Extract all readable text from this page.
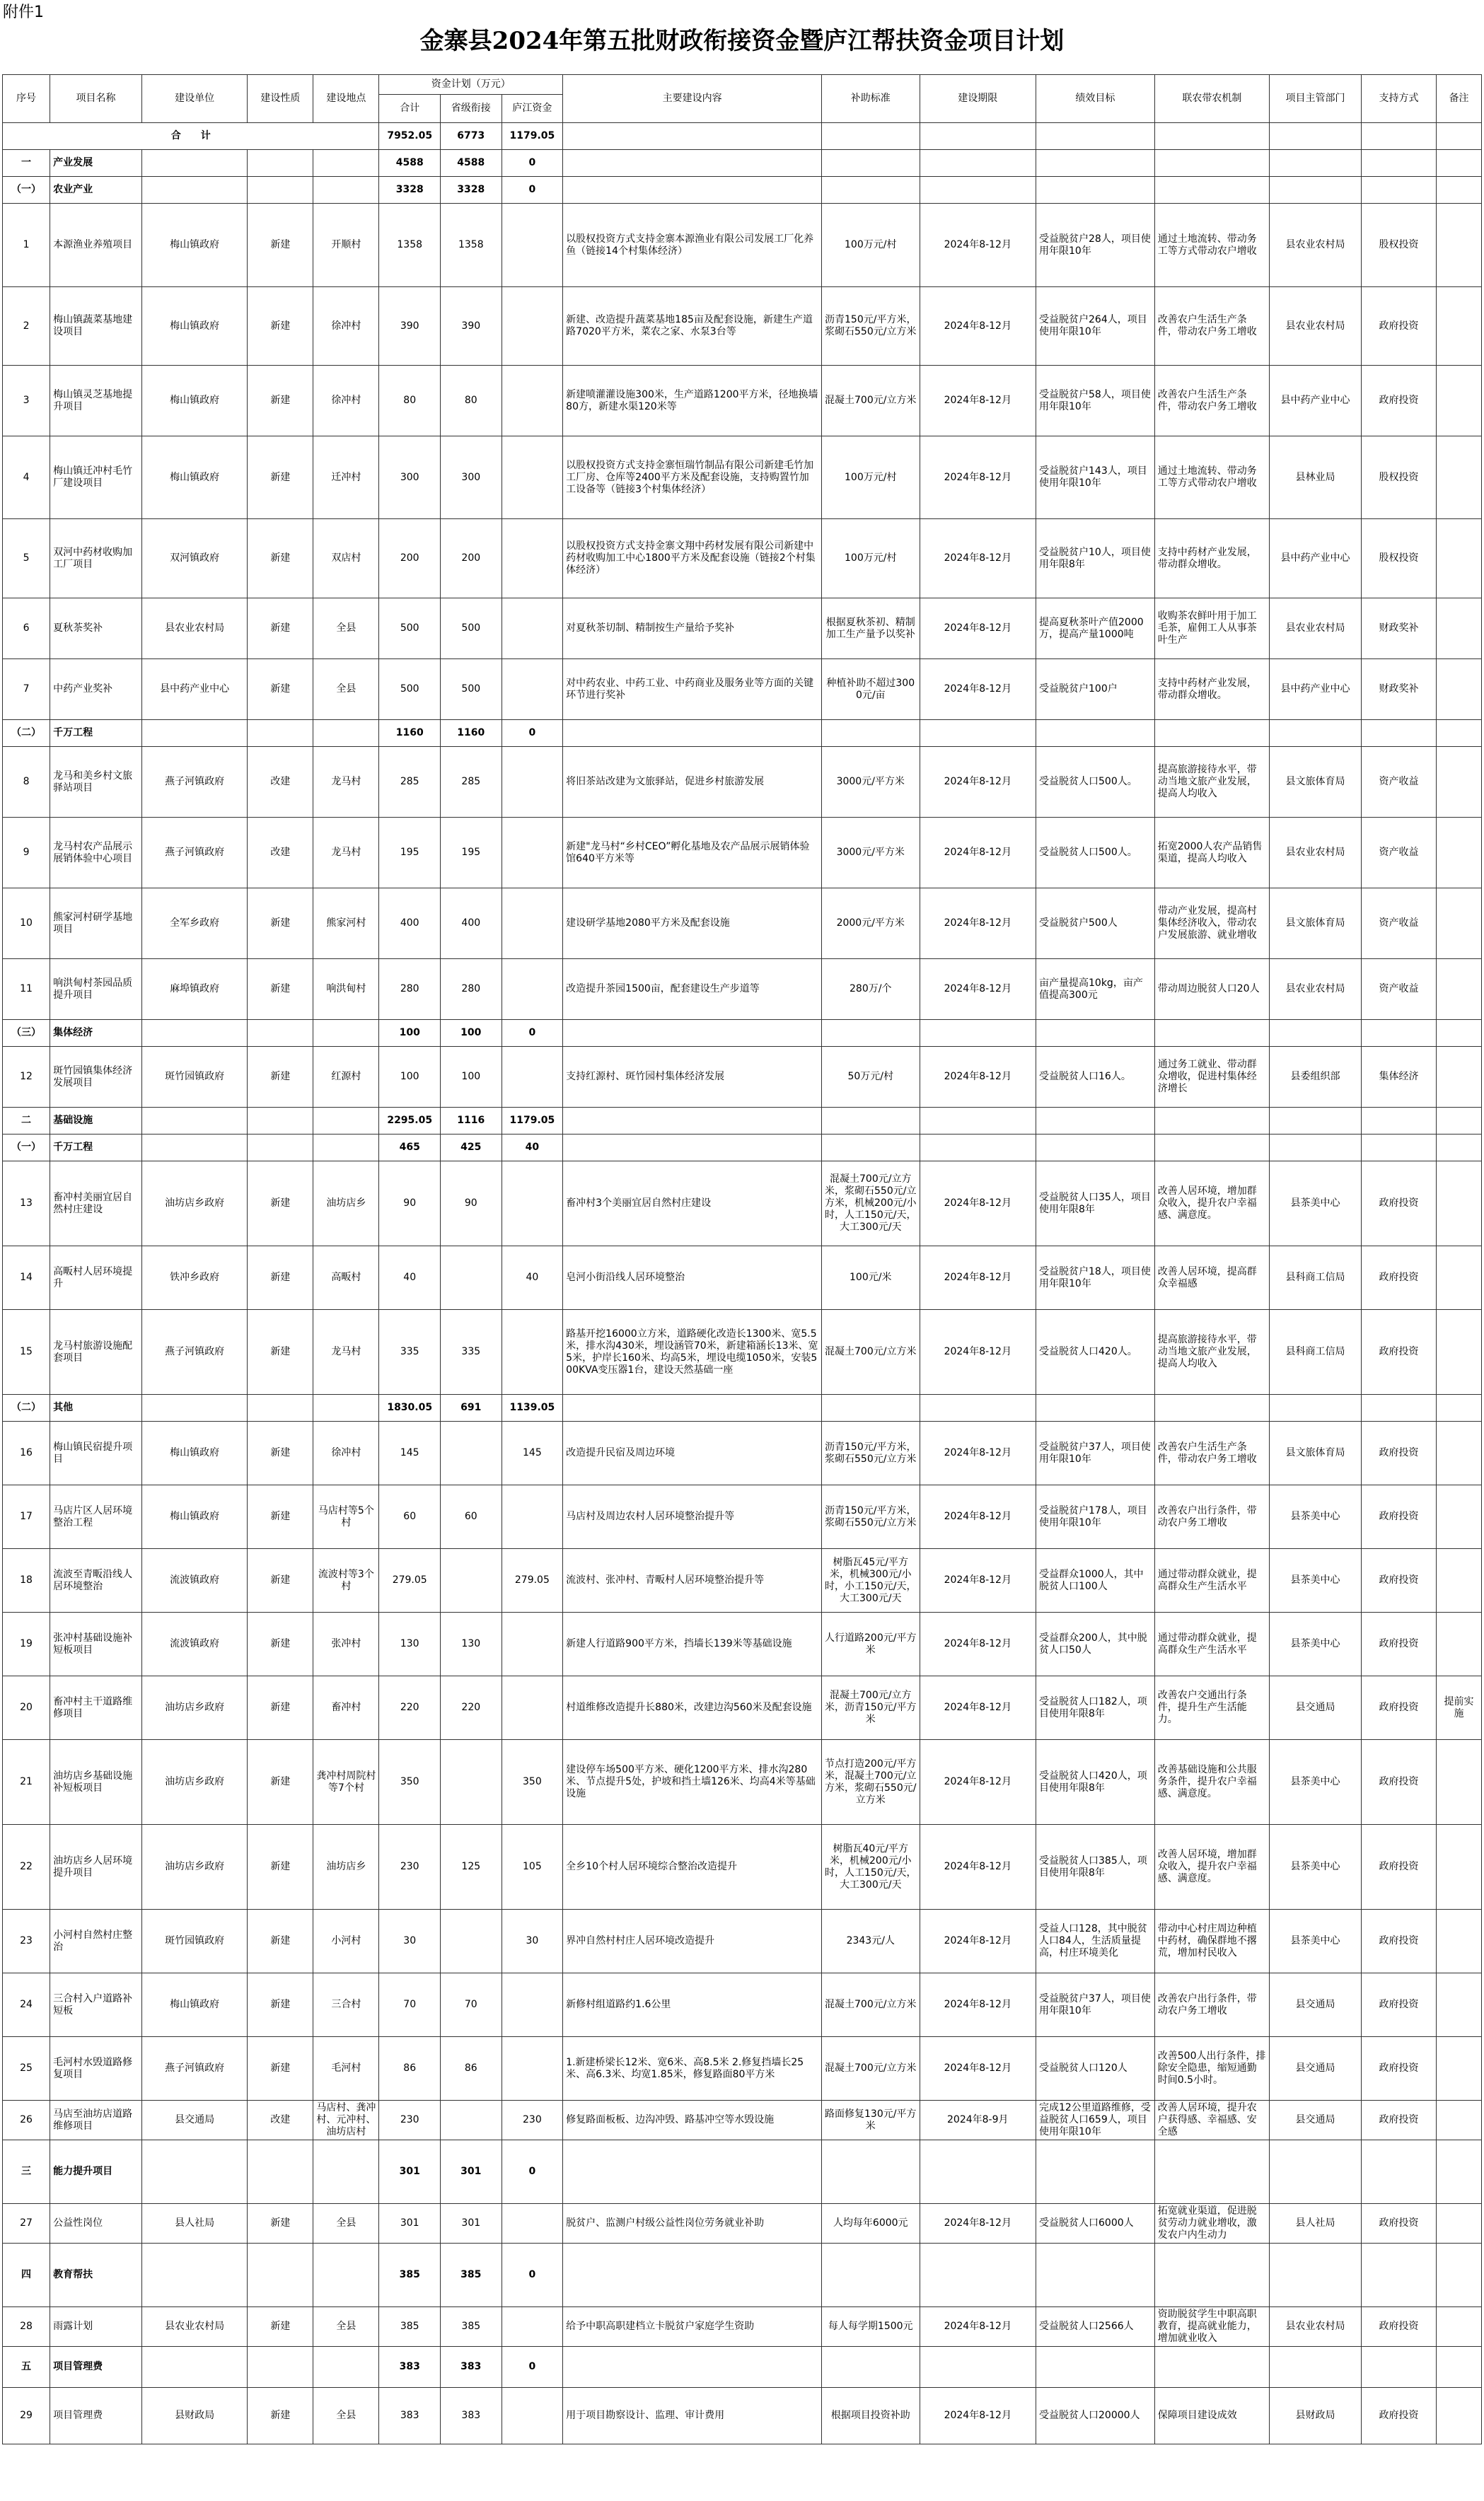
附件1
金寨县2024年第五批财政衔接资金暨庐江帮扶资金项目计划
序号	项目名称	建设单位	建设性质	建设地点	资金计划（万元）			主要建设内容	补助标准	建设期限	绩效目标	联农带农机制	项目主管部门	支持方式	备注
					合计	省级衔接	庐江资金								
合　　计					7952.05	6773	1179.05								
一	产业发展				4588	4588	0								
（一）	农业产业				3328	3328	0								
1	本源渔业养殖项目	梅山镇政府	新建	开顺村	1358	1358		以股权投资方式支持金寨本源渔业有限公司发展工厂化养鱼（链接14个村集体经济）	100万元/村	2024年8-12月	受益脱贫户28人，项目使用年限10年	通过土地流转、带动务工等方式带动农户增收	县农业农村局	股权投资	
2	梅山镇蔬菜基地建设项目	梅山镇政府	新建	徐冲村	390	390		新建、改造提升蔬菜基地185亩及配套设施，新建生产道路7020平方米，菜农之家、水泵3台等	沥青150元/平方米，浆砌石550元/立方米	2024年8-12月	受益脱贫户264人，项目使用年限10年	改善农户生活生产条件，带动农户务工增收	县农业农村局	政府投资	
3	梅山镇灵芝基地提升项目	梅山镇政府	新建	徐冲村	80	80		新建喷灌灌设施300米，生产道路1200平方米，径地换墙80方，新建水渠120米等	混凝土700元/立方米	2024年8-12月	受益脱贫户58人，项目使用年限10年	改善农户生活生产条件，带动农户务工增收	县中药产业中心	政府投资	
4	梅山镇迁冲村毛竹厂建设项目	梅山镇政府	新建	迁冲村	300	300		以股权投资方式支持金寨恒瑞竹制品有限公司新建毛竹加工厂房、仓库等2400平方米及配套设施，支持购置竹加工设备等（链接3个村集体经济）	100万元/村	2024年8-12月	受益脱贫户143人，项目使用年限10年	通过土地流转、带动务工等方式带动农户增收	县林业局	股权投资	
5	双河中药材收购加工厂项目	双河镇政府	新建	双店村	200	200		以股权投资方式支持金寨文翔中药材发展有限公司新建中药材收购加工中心1800平方米及配套设施（链接2个村集体经济）	100万元/村	2024年8-12月	受益脱贫户10人，项目使用年限8年	支持中药材产业发展，带动群众增收。	县中药产业中心	股权投资	
6	夏秋茶奖补	县农业农村局	新建	全县	500	500		对夏秋茶切制、精制按生产量给予奖补	根据夏秋茶初、精制加工生产量予以奖补	2024年8-12月	提高夏秋茶叶产值2000万，提高产量1000吨	收购茶农鲜叶用于加工毛茶，雇佣工人从事茶叶生产	县农业农村局	财政奖补	
7	中药产业奖补	县中药产业中心	新建	全县	500	500		对中药农业、中药工业、中药商业及服务业等方面的关键环节进行奖补	种植补助不超过3000元/亩	2024年8-12月	受益脱贫户100户	支持中药材产业发展，带动群众增收。	县中药产业中心	财政奖补	
（二）	千万工程				1160	1160	0								
8	龙马和美乡村文旅驿站项目	燕子河镇政府	改建	龙马村	285	285		将旧茶站改建为文旅驿站，促进乡村旅游发展	3000元/平方米	2024年8-12月	受益脱贫人口500人。	提高旅游接待水平，带动当地文旅产业发展，提高人均收入	县文旅体育局	资产收益	
9	龙马村农产品展示展销体验中心项目	燕子河镇政府	改建	龙马村	195	195		新建"龙马村“乡村CEO”孵化基地及农产品展示展销体验馆640平方米等	3000元/平方米	2024年8-12月	受益脱贫人口500人。	拓宽2000人农产品销售渠道，提高人均收入	县农业农村局	资产收益	
10	熊家河村研学基地项目	全军乡政府	新建	熊家河村	400	400		建设研学基地2080平方米及配套设施	2000元/平方米	2024年8-12月	受益脱贫户500人	带动产业发展，提高村集体经济收入，带动农户发展旅游、就业增收	县文旅体育局	资产收益	
11	响洪甸村茶园品质提升项目	麻埠镇政府	新建	响洪甸村	280	280		改造提升茶园1500亩，配套建设生产步道等	280万/个	2024年8-12月	亩产量提高10kg，亩产值提高300元	带动周边脱贫人口20人	县农业农村局	资产收益	
（三）	集体经济				100	100	0								
12	斑竹园镇集体经济发展项目	斑竹园镇政府	新建	红源村	100	100		支持红源村、斑竹园村集体经济发展	50万元/村	2024年8-12月	受益脱贫人口16人。	通过务工就业、带动群众增收，促进村集体经济增长	县委组织部	集体经济	
二	基础设施				2295.05	1116	1179.05								
（一）	千万工程				465	425	40								
13	畜冲村美丽宜居自然村庄建设	油坊店乡政府	新建	油坊店乡	90	90		畜冲村3个美丽宜居自然村庄建设	混凝土700元/立方米，浆砌石550元/立方米，机械200元/小时，人工150元/天，大工300元/天	2024年8-12月	受益脱贫人口35人，项目使用年限8年	改善人居环境，增加群众收入，提升农户幸福感、满意度。	县茶美中心	政府投资	
14	高畈村人居环境提升	铁冲乡政府	新建	高畈村	40		40	皂河小街沿线人居环境整治	100元/米	2024年8-12月	受益脱贫户18人，项目使用年限10年	改善人居环境，提高群众幸福感	县科商工信局	政府投资	
15	龙马村旅游设施配套项目	燕子河镇政府	新建	龙马村	335	335		路基开挖16000立方米，道路硬化改造长1300米、宽5.5米，排水沟430米，埋设涵管70米，新建箱涵长13米、宽5米，护岸长160米、均高5米，埋设电缆1050米，安装500KVA变压器1台，建设天然基础一座	混凝土700元/立方米	2024年8-12月	受益脱贫人口420人。	提高旅游接待水平，带动当地文旅产业发展，提高人均收入	县科商工信局	政府投资	
（二）	其他				1830.05	691	1139.05								
16	梅山镇民宿提升项目	梅山镇政府	新建	徐冲村	145		145	改造提升民宿及周边环境	沥青150元/平方米，浆砌石550元/立方米	2024年8-12月	受益脱贫户37人，项目使用年限10年	改善农户生活生产条件，带动农户务工增收	县文旅体育局	政府投资	
17	马店片区人居环境整治工程	梅山镇政府	新建	马店村等5个村	60	60		马店村及周边农村人居环境整治提升等	沥青150元/平方米，浆砌石550元/立方米	2024年8-12月	受益脱贫户178人，项目使用年限10年	改善农户出行条件，带动农户务工增收	县茶美中心	政府投资	
18	流波至青畈沿线人居环境整治	流波镇政府	新建	流波村等3个村	279.05		279.05	流波村、张冲村、青畈村人居环境整治提升等	树脂瓦45元/平方米，机械300元/小时，小工150元/天，大工300元/天	2024年8-12月	受益群众1000人，其中脱贫人口100人	通过带动群众就业，提高群众生产生活水平	县茶美中心	政府投资	
19	张冲村基础设施补短板项目	流波镇政府	新建	张冲村	130	130		新建人行道路900平方米，挡墙长139米等基础设施	人行道路200元/平方米	2024年8-12月	受益群众200人，其中脱贫人口50人	通过带动群众就业，提高群众生产生活水平	县茶美中心	政府投资	
20	畜冲村主干道路维修项目	油坊店乡政府	新建	畜冲村	220	220		村道维修改造提升长880米，改建边沟560米及配套设施	混凝土700元/立方米，沥青150元/平方米	2024年8-12月	受益脱贫人口182人，项目使用年限8年	改善农户交通出行条件，提升生产生活能力。	县交通局	政府投资	提前实施
21	油坊店乡基础设施补短板项目	油坊店乡政府	新建	龚冲村周院村等7个村	350		350	建设停车场500平方米、硬化1200平方米、排水沟280米、节点提升5处，护坡和挡土墙126米、均高4米等基础设施	节点打造200元/平方米，混凝土700元/立方米，浆砌石550元/立方米	2024年8-12月	受益脱贫人口420人，项目使用年限8年	改善基础设施和公共服务条件，提升农户幸福感、满意度。	县茶美中心	政府投资	
22	油坊店乡人居环境提升项目	油坊店乡政府	新建	油坊店乡	230	125	105	全乡10个村人居环境综合整治改造提升	树脂瓦40元/平方米，机械200元/小时，人工150元/天，大工300元/天	2024年8-12月	受益脱贫人口385人，项目使用年限8年	改善人居环境，增加群众收入，提升农户幸福感、满意度。	县茶美中心	政府投资	
23	小河村自然村庄整治	斑竹园镇政府	新建	小河村	30		30	界冲自然村村庄人居环境改造提升	2343元/人	2024年8-12月	受益人口128，其中脱贫人口84人，生活质量提高，村庄环境美化	带动中心村庄周边种植中药材，确保群地不撂荒，增加村民收入	县茶美中心	政府投资	
24	三合村入户道路补短板	梅山镇政府	新建	三合村	70	70		新修村组道路约1.6公里	混凝土700元/立方米	2024年8-12月	受益脱贫户37人，项目使用年限10年	改善农户出行条件，带动农户务工增收	县交通局	政府投资	
25	毛河村水毁道路修复项目	燕子河镇政府	新建	毛河村	86	86		1.新建桥梁长12米、宽6米、高8.5米 2.修复挡墙长25米、高6.3米、均宽1.85米，修复路面80平方米	混凝土700元/立方米	2024年8-12月	受益脱贫人口120人	改善500人出行条件，排除安全隐患，缩短通勤时间0.5小时。	县交通局	政府投资	
26	马店至油坊店道路维修项目	县交通局	改建	马店村、龚冲村、元冲村、油坊店村	230		230	修复路面板板、边沟冲毁、路基冲空等水毁设施	路面修复130元/平方米	2024年8-9月	完成12公里道路维修，受益脱贫人口659人，项目使用年限10年	改善人居环境，提升农户获得感、幸福感、安全感	县交通局	政府投资	
三	能力提升项目				301	301	0								
27	公益性岗位	县人社局	新建	全县	301	301		脱贫户、监测户村级公益性岗位劳务就业补助	人均每年6000元	2024年8-12月	受益脱贫人口6000人	拓宽就业渠道，促进脱贫劳动力就业增收，激发农户内生动力	县人社局	政府投资	
四	教育帮扶				385	385	0								
28	雨露计划	县农业农村局	新建	全县	385	385		给予中职高职建档立卡脱贫户家庭学生资助	每人每学期1500元	2024年8-12月	受益脱贫人口2566人	资助脱贫学生中职高职教育，提高就业能力，增加就业收入	县农业农村局	政府投资	
五	项目管理费				383	383	0								
29	项目管理费	县财政局	新建	全县	383	383		用于项目勘察设计、监理、审计费用	根据项目投资补助	2024年8-12月	受益脱贫人口20000人	保障项目建设成效	县财政局	政府投资	
